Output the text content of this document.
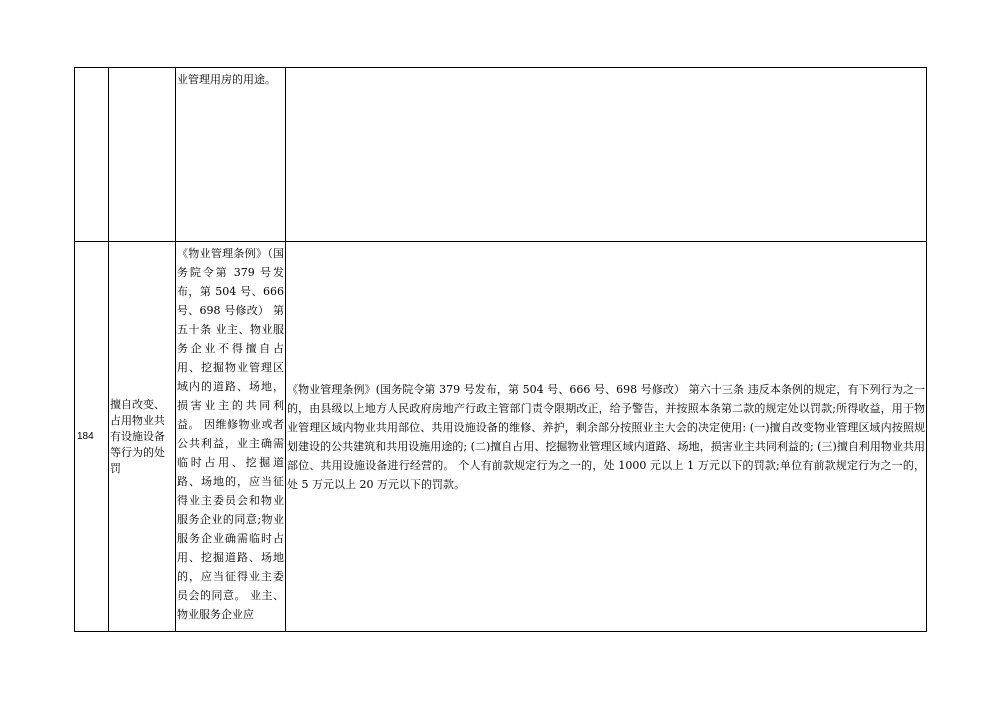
		业管理用房的用途。	
184	擅自改变、占用物业共有设施设备等行为的处罚	《物业管理条例》（国务院令第 379 号发布，第 504 号、666 号、698 号修改） 第五十条 业主、物业服务企业不得擅自占用、挖掘物业管理区域内的道路、场地，损害业主的共同利益。 因维修物业或者公共利益，业主确需临时占用、挖掘道路、场地的，应当征得业主委员会和物业服务企业的同意;物业服务企业确需临时占用、挖掘道路、场地的，应当征得业主委员会的同意。 业主、物业服务企业应	《物业管理条例》(国务院令第 379 号发布，第 504 号、666 号、698 号修改） 第六十三条 违反本条例的规定，有下列行为之一的，由县级以上地方人民政府房地产行政主管部门责令限期改正，给予警告，并按照本条第二款的规定处以罚款;所得收益，用于物业管理区域内物业共用部位、共用设施设备的维修、养护，剩余部分按照业主大会的决定使用: (一)擅自改变物业管理区域内按照规划建设的公共建筑和共用设施用途的; (二)擅自占用、挖掘物业管理区域内道路、场地，损害业主共同利益的; (三)擅自利用物业共用部位、共用设施设备进行经营的。 个人有前款规定行为之一的，处 1000 元以上 1 万元以下的罚款;单位有前款规定行为之一的，处 5 万元以上 20 万元以下的罚款。
